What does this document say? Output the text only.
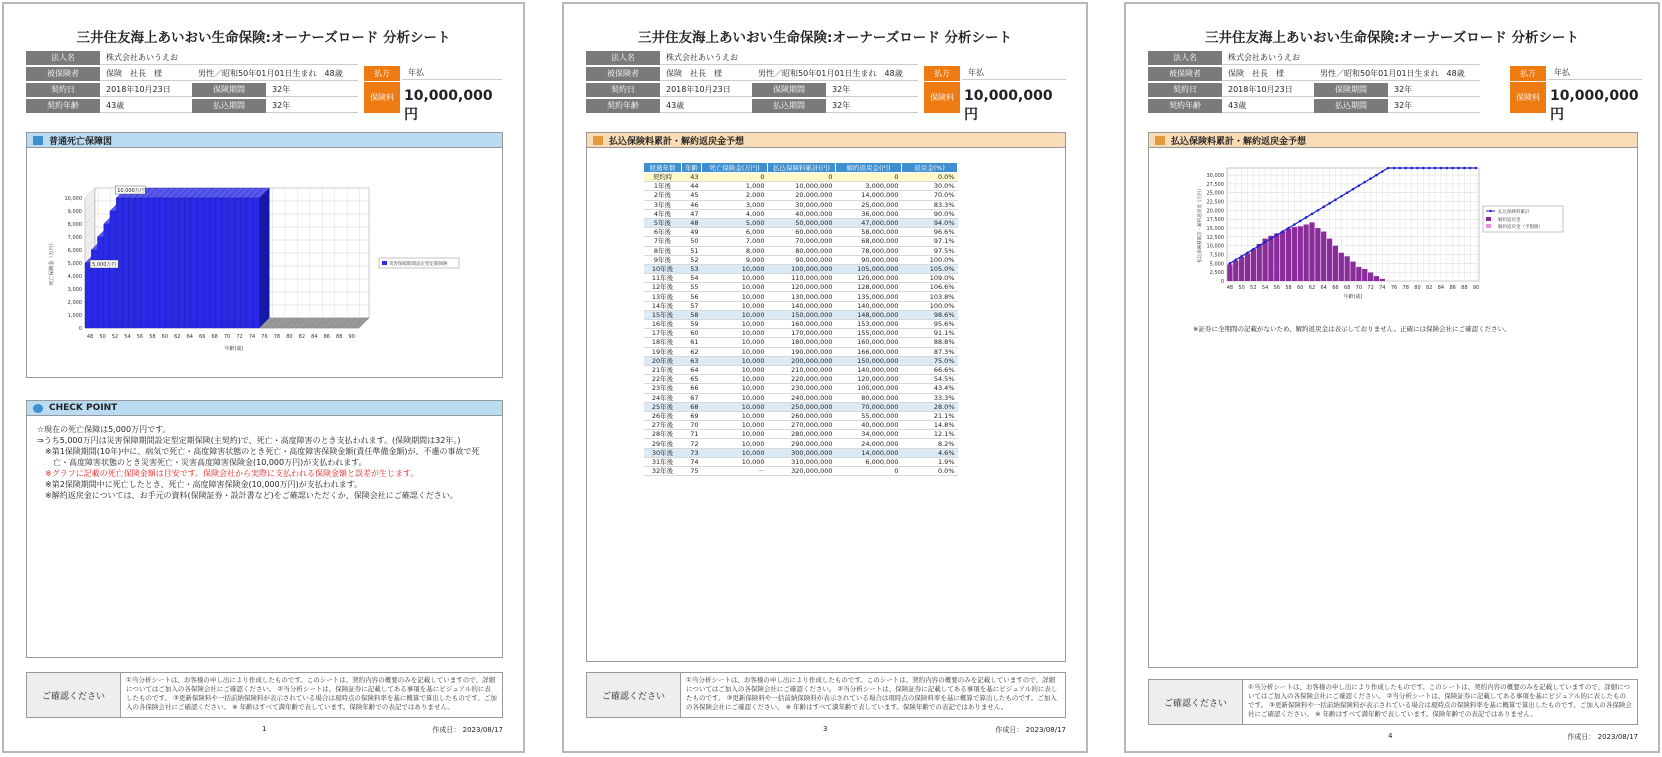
三井住友海上あいおい生命保険:オーナーズロード 分析シート
法人名	株式会社あいうえお
被保険者	保険　社長　様	男性／昭和50年01月01日生まれ　48歳
契約日	2018年10月23日	保険期間	32年
契約年齢	43歳	払込期間	32年
払方	年払
保険料 10,000,000円
普通死亡保障図
0
1,000
2,000
3,000
4,000
5,000
6,000
7,000
8,000
9,000
10,000
48 50 52 54 56 58 60 62 64 66 68 70 72 74 76 78 80 82 84 86 88 90
5,000万円
10,000万円
死亡保険金（万円）
年齢(歳)
災害保障期間設定型定期保険
CHECK POINT
☆現在の死亡保障は5,000万円です。
⇒うち5,000万円は災害保障期間設定型定期保険(主契約)で、死亡・高度障害のとき支払われます。(保険期間は32年。)
※第1保険期間(10年)中に、病気で死亡・高度障害状態のとき死亡・高度障害保険金額(責任準備金額)が、不慮の事故で死
　亡・高度障害状態のとき災害死亡・災害高度障害保険金(10,000万円)が支払われます。
※グラフに記載の死亡保険金額は目安です。保険会社から実際に支払われる保険金額と誤差が生じます。
※第2保険期間中に死亡したとき、死亡・高度障害保険金(10,000万円)が支払われます。
※解約返戻金については、お手元の資料(保険証券・設計書など)をご確認いただくか、保険会社にご確認ください。
ご確認ください
①当分析シートは、お客様の申し出により作成したものです。このシートは、契約内容の概要のみを記載していますので、詳細についてはご加入の各保険会社にご確認ください。 ②当分析シートは、保険証券に記載してある事項を基にビジュアル的に表したものです。 ③更新保険料や一括前納保険料が表示されている場合は現時点の保険料率を基に概算で算出したものです。ご加入の各保険会社にご確認ください。 ※ 年齢はすべて満年齢で表しています。保険年齢での表記ではありません。
1	作成日： 2023/08/17
三井住友海上あいおい生命保険:オーナーズロード 分析シート
法人名	株式会社あいうえお
被保険者	保険　社長　様	男性／昭和50年01月01日生まれ　48歳
契約日	2018年10月23日	保険期間	32年
契約年齢	43歳	払込期間	32年
払方	年払
保険料 10,000,000円
払込保険料累計・解約返戻金予想
経過年数	年齢	死亡保険金(万円)	払込保険料累計(円)	解約返戻金(円)	返戻金(%)
契約時	43	0	0	0	0.0%
1年後	44	1,000	10,000,000	3,000,000	30.0%
2年後	45	2,000	20,000,000	14,000,000	70.0%
3年後	46	3,000	30,000,000	25,000,000	83.3%
4年後	47	4,000	40,000,000	36,000,000	90.0%
5年後	48	5,000	50,000,000	47,000,000	94.0%
6年後	49	6,000	60,000,000	58,000,000	96.6%
7年後	50	7,000	70,000,000	68,000,000	97.1%
8年後	51	8,000	80,000,000	78,000,000	97.5%
9年後	52	9,000	90,000,000	90,000,000	100.0%
10年後	53	10,000	100,000,000	105,000,000	105.0%
11年後	54	10,000	110,000,000	120,000,000	109.0%
12年後	55	10,000	120,000,000	128,000,000	106.6%
13年後	56	10,000	130,000,000	135,000,000	103.8%
14年後	57	10,000	140,000,000	140,000,000	100.0%
15年後	58	10,000	150,000,000	148,000,000	98.6%
16年後	59	10,000	160,000,000	153,000,000	95.6%
17年後	60	10,000	170,000,000	155,000,000	91.1%
18年後	61	10,000	180,000,000	160,000,000	88.8%
19年後	62	10,000	190,000,000	166,000,000	87.3%
20年後	63	10,000	200,000,000	150,000,000	75.0%
21年後	64	10,000	210,000,000	140,000,000	66.6%
22年後	65	10,000	220,000,000	120,000,000	54.5%
23年後	66	10,000	230,000,000	100,000,000	43.4%
24年後	67	10,000	240,000,000	80,000,000	33.3%
25年後	68	10,000	250,000,000	70,000,000	28.0%
26年後	69	10,000	260,000,000	55,000,000	21.1%
27年後	70	10,000	270,000,000	40,000,000	14.8%
28年後	71	10,000	280,000,000	34,000,000	12.1%
29年後	72	10,000	290,000,000	24,000,000	8.2%
30年後	73	10,000	300,000,000	14,000,000	4.6%
31年後	74	10,000	310,000,000	6,000,000	1.9%
32年後	75	－	320,000,000	0	0.0%
ご確認ください
①当分析シートは、お客様の申し出により作成したものです。このシートは、契約内容の概要のみを記載していますので、詳細についてはご加入の各保険会社にご確認ください。 ②当分析シートは、保険証券に記載してある事項を基にビジュアル的に表したものです。 ③更新保険料や一括前納保険料が表示されている場合は現時点の保険料率を基に概算で算出したものです。ご加入の各保険会社にご確認ください。 ※ 年齢はすべて満年齢で表しています。保険年齢での表記ではありません。
3	作成日： 2023/08/17
三井住友海上あいおい生命保険:オーナーズロード 分析シート
法人名	株式会社あいうえお
被保険者	保険　社長　様	男性／昭和50年01月01日生まれ　48歳
契約日	2018年10月23日	保険期間	32年
契約年齢	43歳	払込期間	32年
払方	年払
保険料 10,000,000円
払込保険料累計・解約返戻金予想
0
2,500
5,000
7,500
10,000
12,500
15,000
17,500
20,000
22,500
25,000
27,500
30,000
48 50 52 54 56 58 60 62 64 66 68 70 72 74 76 78 80 82 84 86 88 90
払込保険料累計・解約返戻金（万円）
年齢(歳)
払込保険料累計
解約返戻金
解約返戻金（予想値）
※証券に全期間の記載がないため、解約返戻金は表示しておりません。正確には保険会社にご確認ください。
ご確認ください
①当分析シートは、お客様の申し出により作成したものです。このシートは、契約内容の概要のみを記載していますので、詳細についてはご加入の各保険会社にご確認ください。 ②当分析シートは、保険証券に記載してある事項を基にビジュアル的に表したものです。 ③更新保険料や一括前納保険料が表示されている場合は現時点の保険料率を基に概算で算出したものです。ご加入の各保険会社にご確認ください。 ※ 年齢はすべて満年齢で表しています。保険年齢での表記ではありません。
4	作成日： 2023/08/17
